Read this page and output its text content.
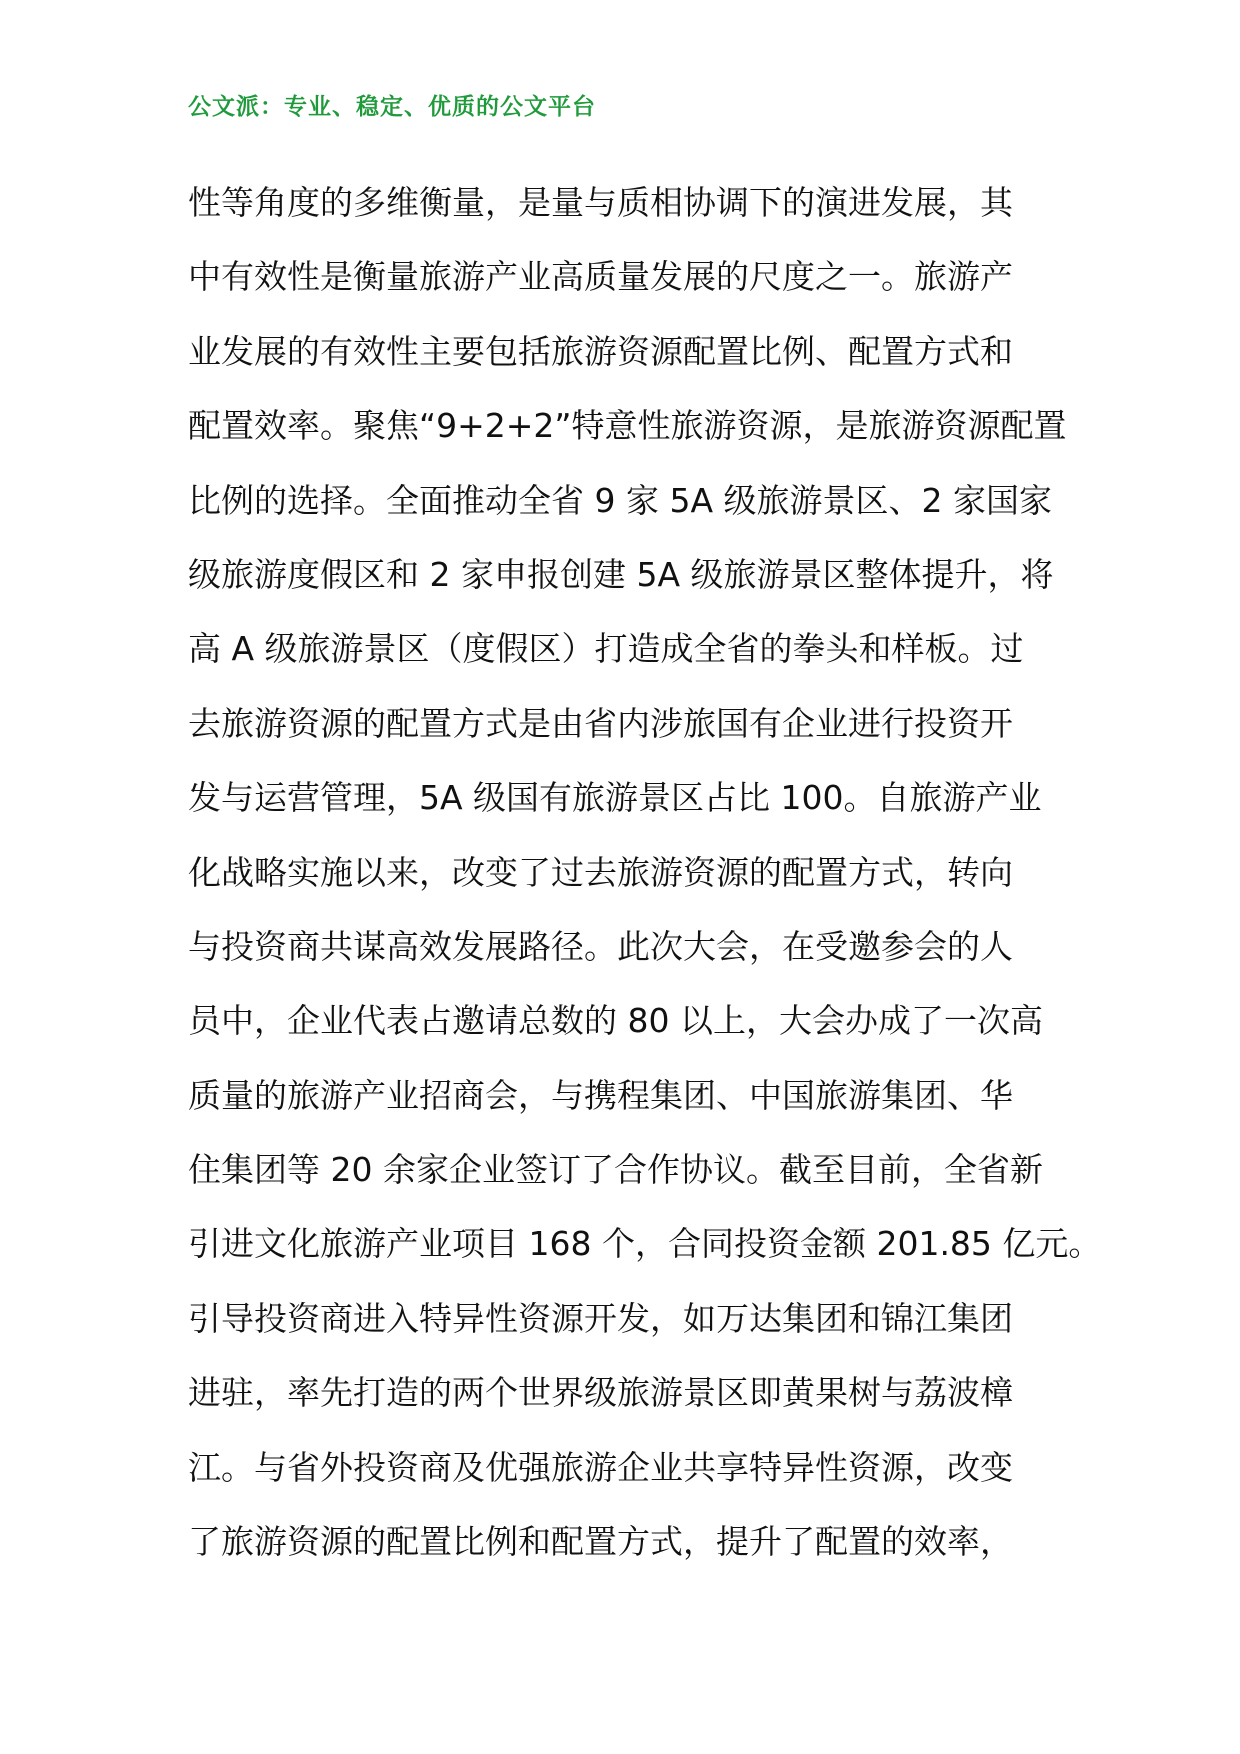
公文派：专业、稳定、优质的公文平台
性等角度的多维衡量，是量与质相协调下的演进发展，其
中有效性是衡量旅游产业高质量发展的尺度之一。旅游产
业发展的有效性主要包括旅游资源配置比例、配置方式和
配置效率。聚焦“9+2+2”特意性旅游资源，是旅游资源配置
比例的选择。全面推动全省 9 家 5A 级旅游景区、2 家国家
级旅游度假区和 2 家申报创建 5A 级旅游景区整体提升，将
高 A 级旅游景区（度假区）打造成全省的拳头和样板。过
去旅游资源的配置方式是由省内涉旅国有企业进行投资开
发与运营管理，5A 级国有旅游景区占比 100。自旅游产业
化战略实施以来，改变了过去旅游资源的配置方式，转向
与投资商共谋高效发展路径。此次大会，在受邀参会的人
员中，企业代表占邀请总数的 80 以上，大会办成了一次高
质量的旅游产业招商会，与携程集团、中国旅游集团、华
住集团等 20 余家企业签订了合作协议。截至目前，全省新
引进文化旅游产业项目 168 个，合同投资金额 201.85 亿元。
引导投资商进入特异性资源开发，如万达集团和锦江集团
进驻，率先打造的两个世界级旅游景区即黄果树与荔波樟
江。与省外投资商及优强旅游企业共享特异性资源，改变
了旅游资源的配置比例和配置方式，提升了配置的效率，
